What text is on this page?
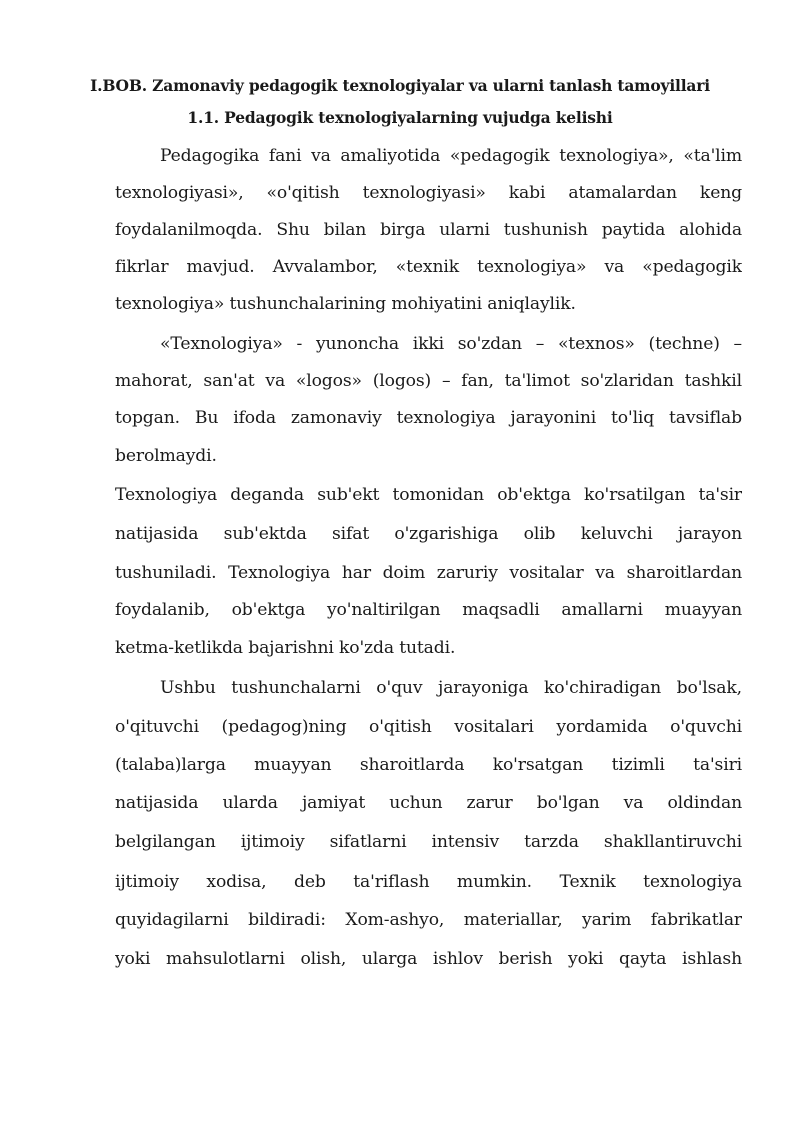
I.BOB. Zamonaviy pedagogik texnologiyalar va ularni tanlash tamoyillari
1.1. Pedagogik texnologiyalarning vujudga kelishi
Pedagogika fani va amaliyotida «pedagogik texnologiya», «ta'lim
texnologiyasi», «o'qitish texnologiyasi» kabi atamalardan keng
foydalanilmoqda. Shu bilan birga ularni tushunish paytida alohida
fikrlar mavjud. Avvalambor, «texnik texnologiya» va «pedagogik
texnologiya» tushunchalarining mohiyatini aniqlaylik.
«Texnologiya» - yunoncha ikki so'zdan – «texnos» (techne) –
mahorat, san'at va «logos» (logos) – fan, ta'limot so'zlaridan tashkil
topgan. Bu ifoda zamonaviy texnologiya jarayonini to'liq tavsiflab
berolmaydi.
Texnologiya deganda sub'ekt tomonidan ob'ektga ko'rsatilgan ta'sir
natijasida sub'ektda sifat o'zgarishiga olib keluvchi jarayon
tushuniladi. Texnologiya har doim zaruriy vositalar va sharoitlardan
foydalanib, ob'ektga yo'naltirilgan maqsadli amallarni muayyan
ketma-ketlikda bajarishni ko'zda tutadi.
Ushbu tushunchalarni o'quv jarayoniga ko'chiradigan bo'lsak,
o'qituvchi (pedagog)ning o'qitish vositalari yordamida o'quvchi
(talaba)larga muayyan sharoitlarda ko'rsatgan tizimli ta'siri
natijasida ularda jamiyat uchun zarur bo'lgan va oldindan
belgilangan ijtimoiy sifatlarni intensiv tarzda shakllantiruvchi
ijtimoiy xodisa, deb ta'riflash mumkin. Texnik texnologiya
quyidagilarni bildiradi: Xom-ashyo, materiallar, yarim fabrikatlar
yoki mahsulotlarni olish, ularga ishlov berish yoki qayta ishlash
